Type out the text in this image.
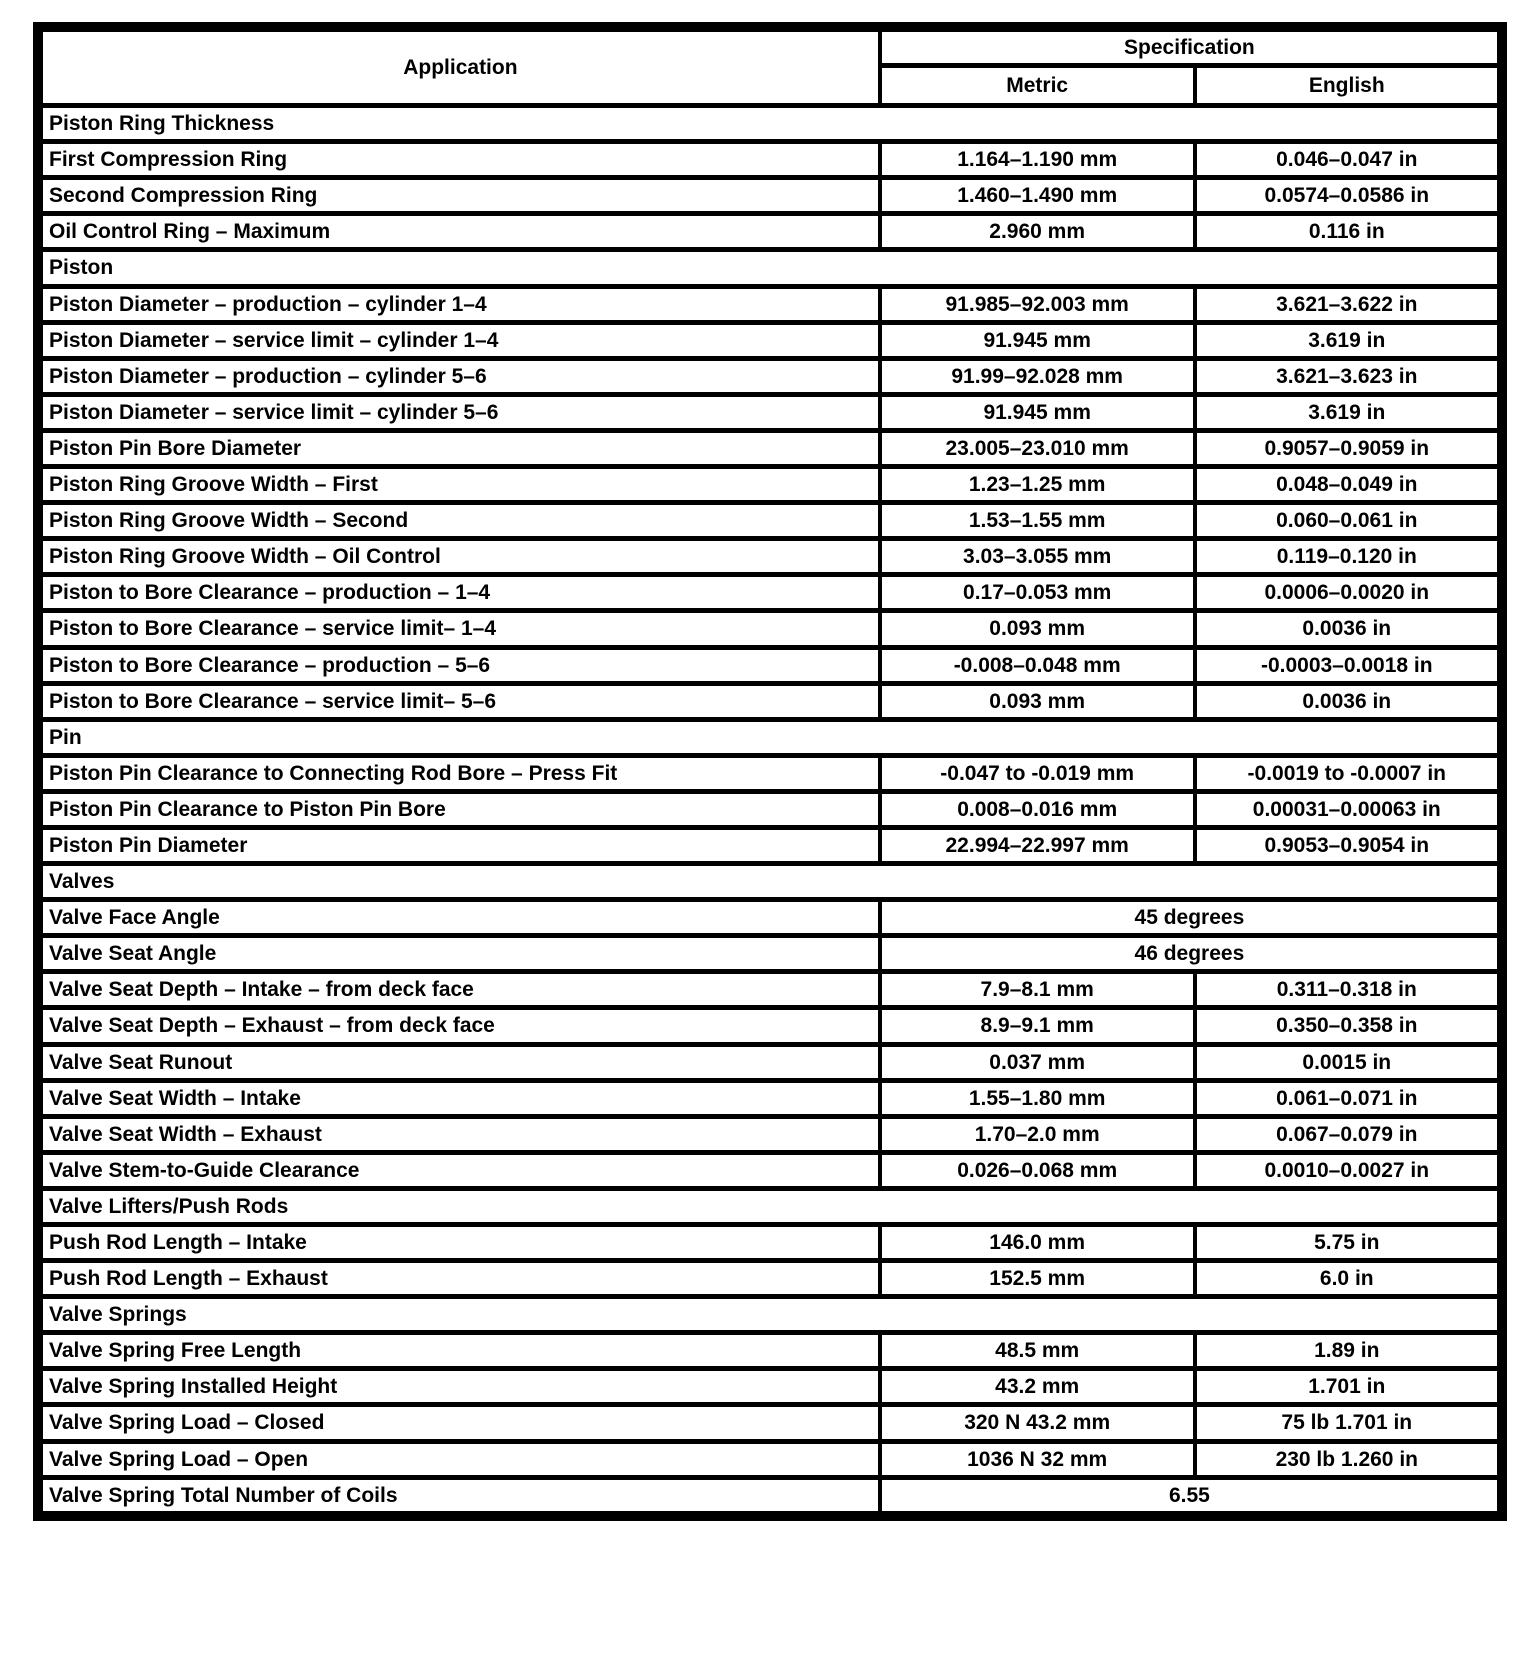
Application	Specification	
	Metric	English
Piston Ring Thickness		
First Compression Ring	1.164–1.190 mm	0.046–0.047 in
Second Compression Ring	1.460–1.490 mm	0.0574–0.0586 in
Oil Control Ring – Maximum	2.960 mm	0.116 in
Piston		
Piston Diameter – production – cylinder 1–4	91.985–92.003 mm	3.621–3.622 in
Piston Diameter – service limit – cylinder 1–4	91.945 mm	3.619 in
Piston Diameter – production – cylinder 5–6	91.99–92.028 mm	3.621–3.623 in
Piston Diameter – service limit – cylinder 5–6	91.945 mm	3.619 in
Piston Pin Bore Diameter	23.005–23.010 mm	0.9057–0.9059 in
Piston Ring Groove Width – First	1.23–1.25 mm	0.048–0.049 in
Piston Ring Groove Width – Second	1.53–1.55 mm	0.060–0.061 in
Piston Ring Groove Width – Oil Control	3.03–3.055 mm	0.119–0.120 in
Piston to Bore Clearance – production – 1–4	0.17–0.053 mm	0.0006–0.0020 in
Piston to Bore Clearance – service limit– 1–4	0.093 mm	0.0036 in
Piston to Bore Clearance – production – 5–6	-0.008–0.048 mm	-0.0003–0.0018 in
Piston to Bore Clearance – service limit– 5–6	0.093 mm	0.0036 in
Pin		
Piston Pin Clearance to Connecting Rod Bore – Press Fit	-0.047 to -0.019 mm	-0.0019 to -0.0007 in
Piston Pin Clearance to Piston Pin Bore	0.008–0.016 mm	0.00031–0.00063 in
Piston Pin Diameter	22.994–22.997 mm	0.9053–0.9054 in
Valves		
Valve Face Angle	45 degrees	
Valve Seat Angle	46 degrees	
Valve Seat Depth – Intake – from deck face	7.9–8.1 mm	0.311–0.318 in
Valve Seat Depth – Exhaust – from deck face	8.9–9.1 mm	0.350–0.358 in
Valve Seat Runout	0.037 mm	0.0015 in
Valve Seat Width – Intake	1.55–1.80 mm	0.061–0.071 in
Valve Seat Width – Exhaust	1.70–2.0 mm	0.067–0.079 in
Valve Stem-to-Guide Clearance	0.026–0.068 mm	0.0010–0.0027 in
Valve Lifters/Push Rods		
Push Rod Length – Intake	146.0 mm	5.75 in
Push Rod Length – Exhaust	152.5 mm	6.0 in
Valve Springs		
Valve Spring Free Length	48.5 mm	1.89 in
Valve Spring Installed Height	43.2 mm	1.701 in
Valve Spring Load – Closed	320 N 43.2 mm	75 lb 1.701 in
Valve Spring Load – Open	1036 N 32 mm	230 lb 1.260 in
Valve Spring Total Number of Coils	6.55	
